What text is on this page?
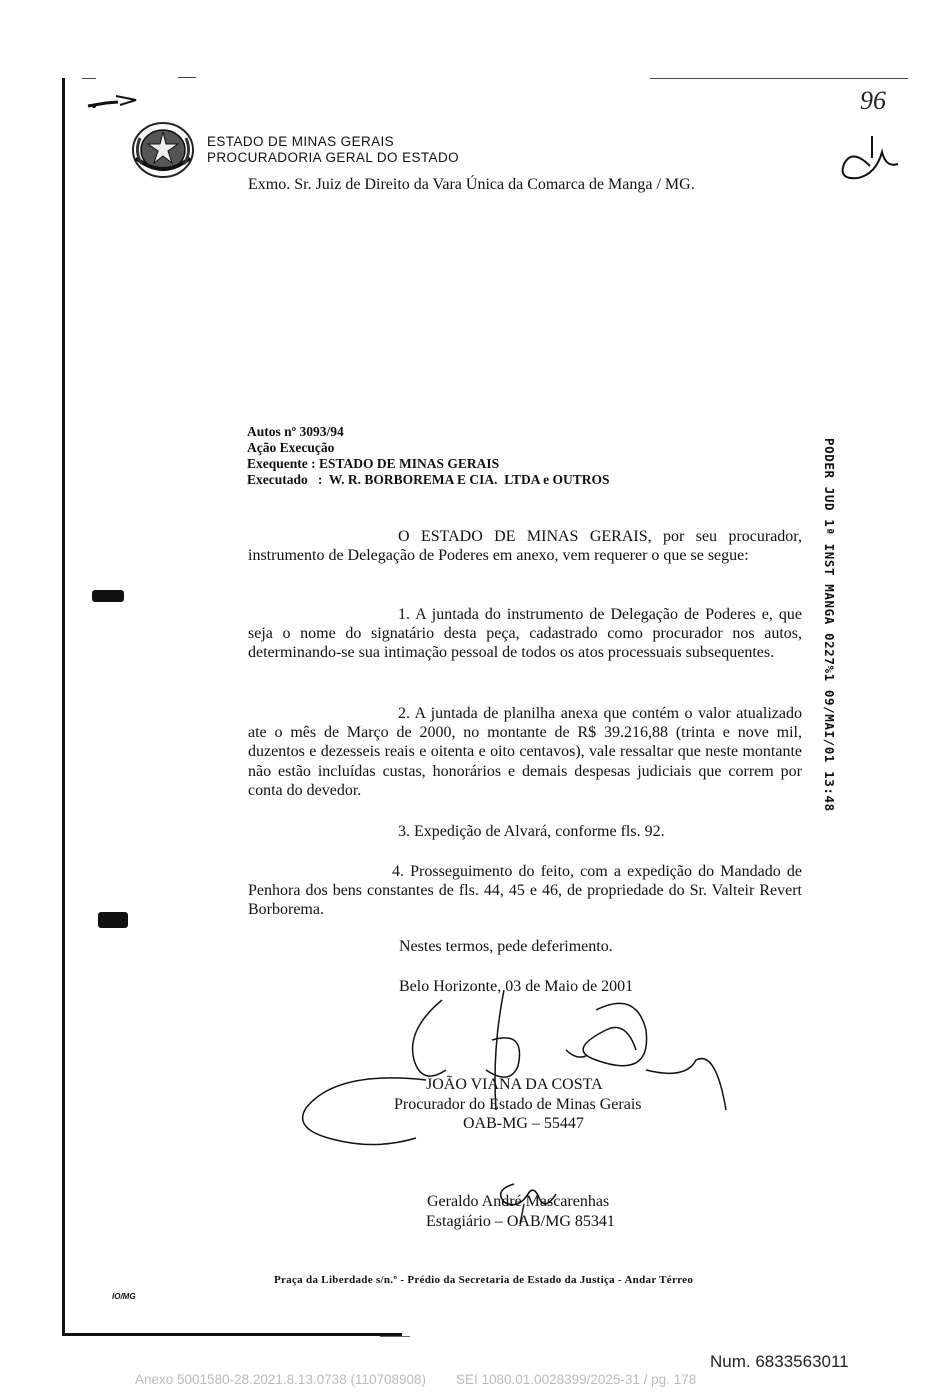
ESTADO DE MINAS GERAIS
PROCURADORIA GERAL DO ESTADO
96
Exmo. Sr. Juiz de Direito da Vara Única da Comarca de Manga / MG.
Autos nº 3093/94
Ação Execução
Exequente : ESTADO DE MINAS GERAIS
Executado   :  W. R. BORBOREMA E CIA.  LTDA e OUTROS	PODER JUD 1ª INST MANGA 0227%1 09/MAI/01 13:48
O ESTADO DE MINAS GERAIS, por seu procurador, instrumento de Delegação de Poderes em anexo, vem requerer o que se segue:
1. A juntada do instrumento de Delegação de Poderes e, que seja o nome do signatário desta peça, cadastrado como procurador nos autos, determinando-se sua intimação pessoal de todos os atos processuais subsequentes.
2. A juntada de planilha anexa que contém o valor atualizado ate o mês de Março de 2000, no montante de R$ 39.216,88 (trinta e nove mil, duzentos e dezesseis reais e oitenta e oito centavos), vale ressaltar que neste montante não estão incluídas custas, honorários e demais despesas judiciais que correm por conta do devedor.
3. Expedição de Alvará, conforme fls. 92.
4. Prosseguimento do feito, com a expedição do Mandado de Penhora dos bens constantes de fls. 44, 45 e 46, de propriedade do Sr. Valteir Revert Borborema.
Nestes termos, pede deferimento.
Belo Horizonte, 03 de Maio de 2001
JOÃO VIANA DA COSTA
Procurador do Estado de Minas Gerais
OAB-MG – 55447
Geraldo André Mascarenhas
Estagiário – OAB/MG 85341
Praça da Liberdade s/n.º - Prédio da Secretaria de Estado da Justiça - Andar Térreo
IO/MG
Num. 6833563011
Anexo 5001580-28.2021.8.13.0738 (110708908)        SEI 1080.01.0028399/2025-31 / pg. 178
